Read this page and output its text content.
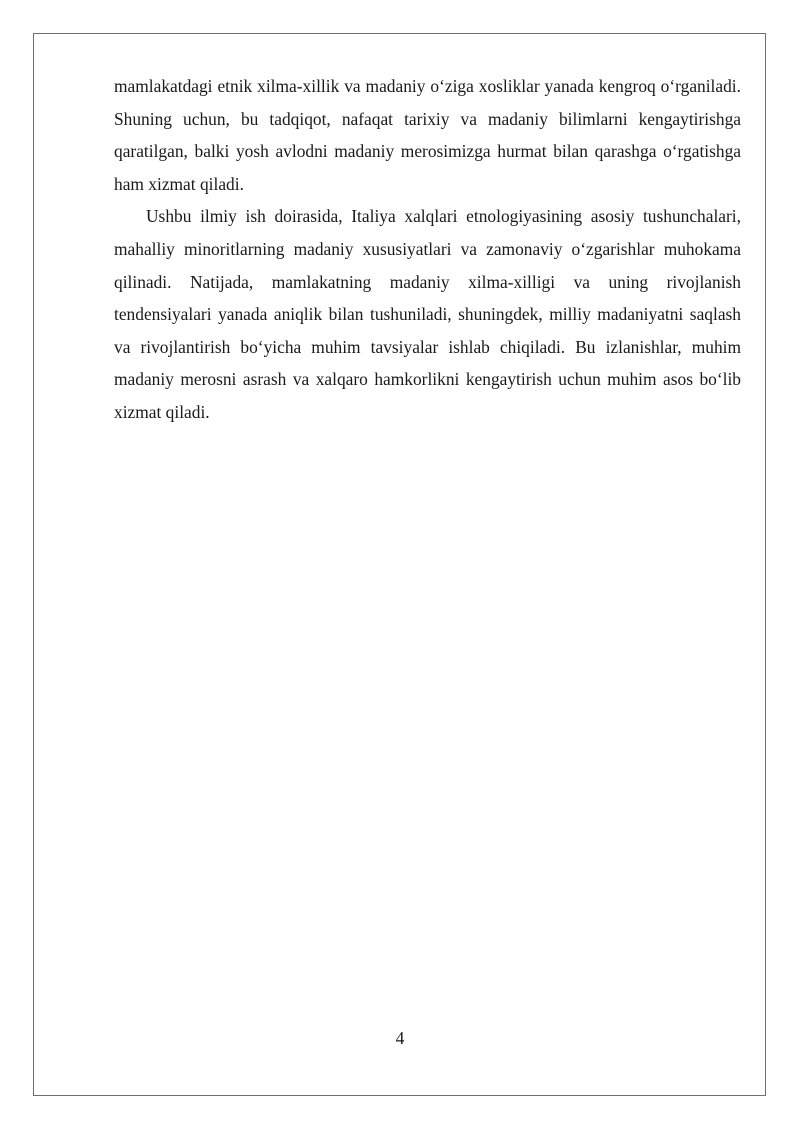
mamlakatdagi etnik xilma-xillik va madaniy o‘ziga xosliklar yanada kengroq o‘rganiladi. Shuning uchun, bu tadqiqot, nafaqat tarixiy va madaniy bilimlarni kengaytirishga qaratilgan, balki yosh avlodni madaniy merosimizga hurmat bilan qarashga o‘rgatishga ham xizmat qiladi.

Ushbu ilmiy ish doirasida, Italiya xalqlari etnologiyasining asosiy tushunchalari, mahalliy minoritlarning madaniy xususiyatlari va zamonaviy o‘zgarishlar muhokama qilinadi. Natijada, mamlakatning madaniy xilma-xilligi va uning rivojlanish tendensiyalari yanada aniqlik bilan tushuniladi, shuningdek, milliy madaniyatni saqlash va rivojlantirish bo‘yicha muhim tavsiyalar ishlab chiqiladi. Bu izlanishlar, muhim madaniy merosni asrash va xalqaro hamkorlikni kengaytirish uchun muhim asos bo‘lib xizmat qiladi.

4
